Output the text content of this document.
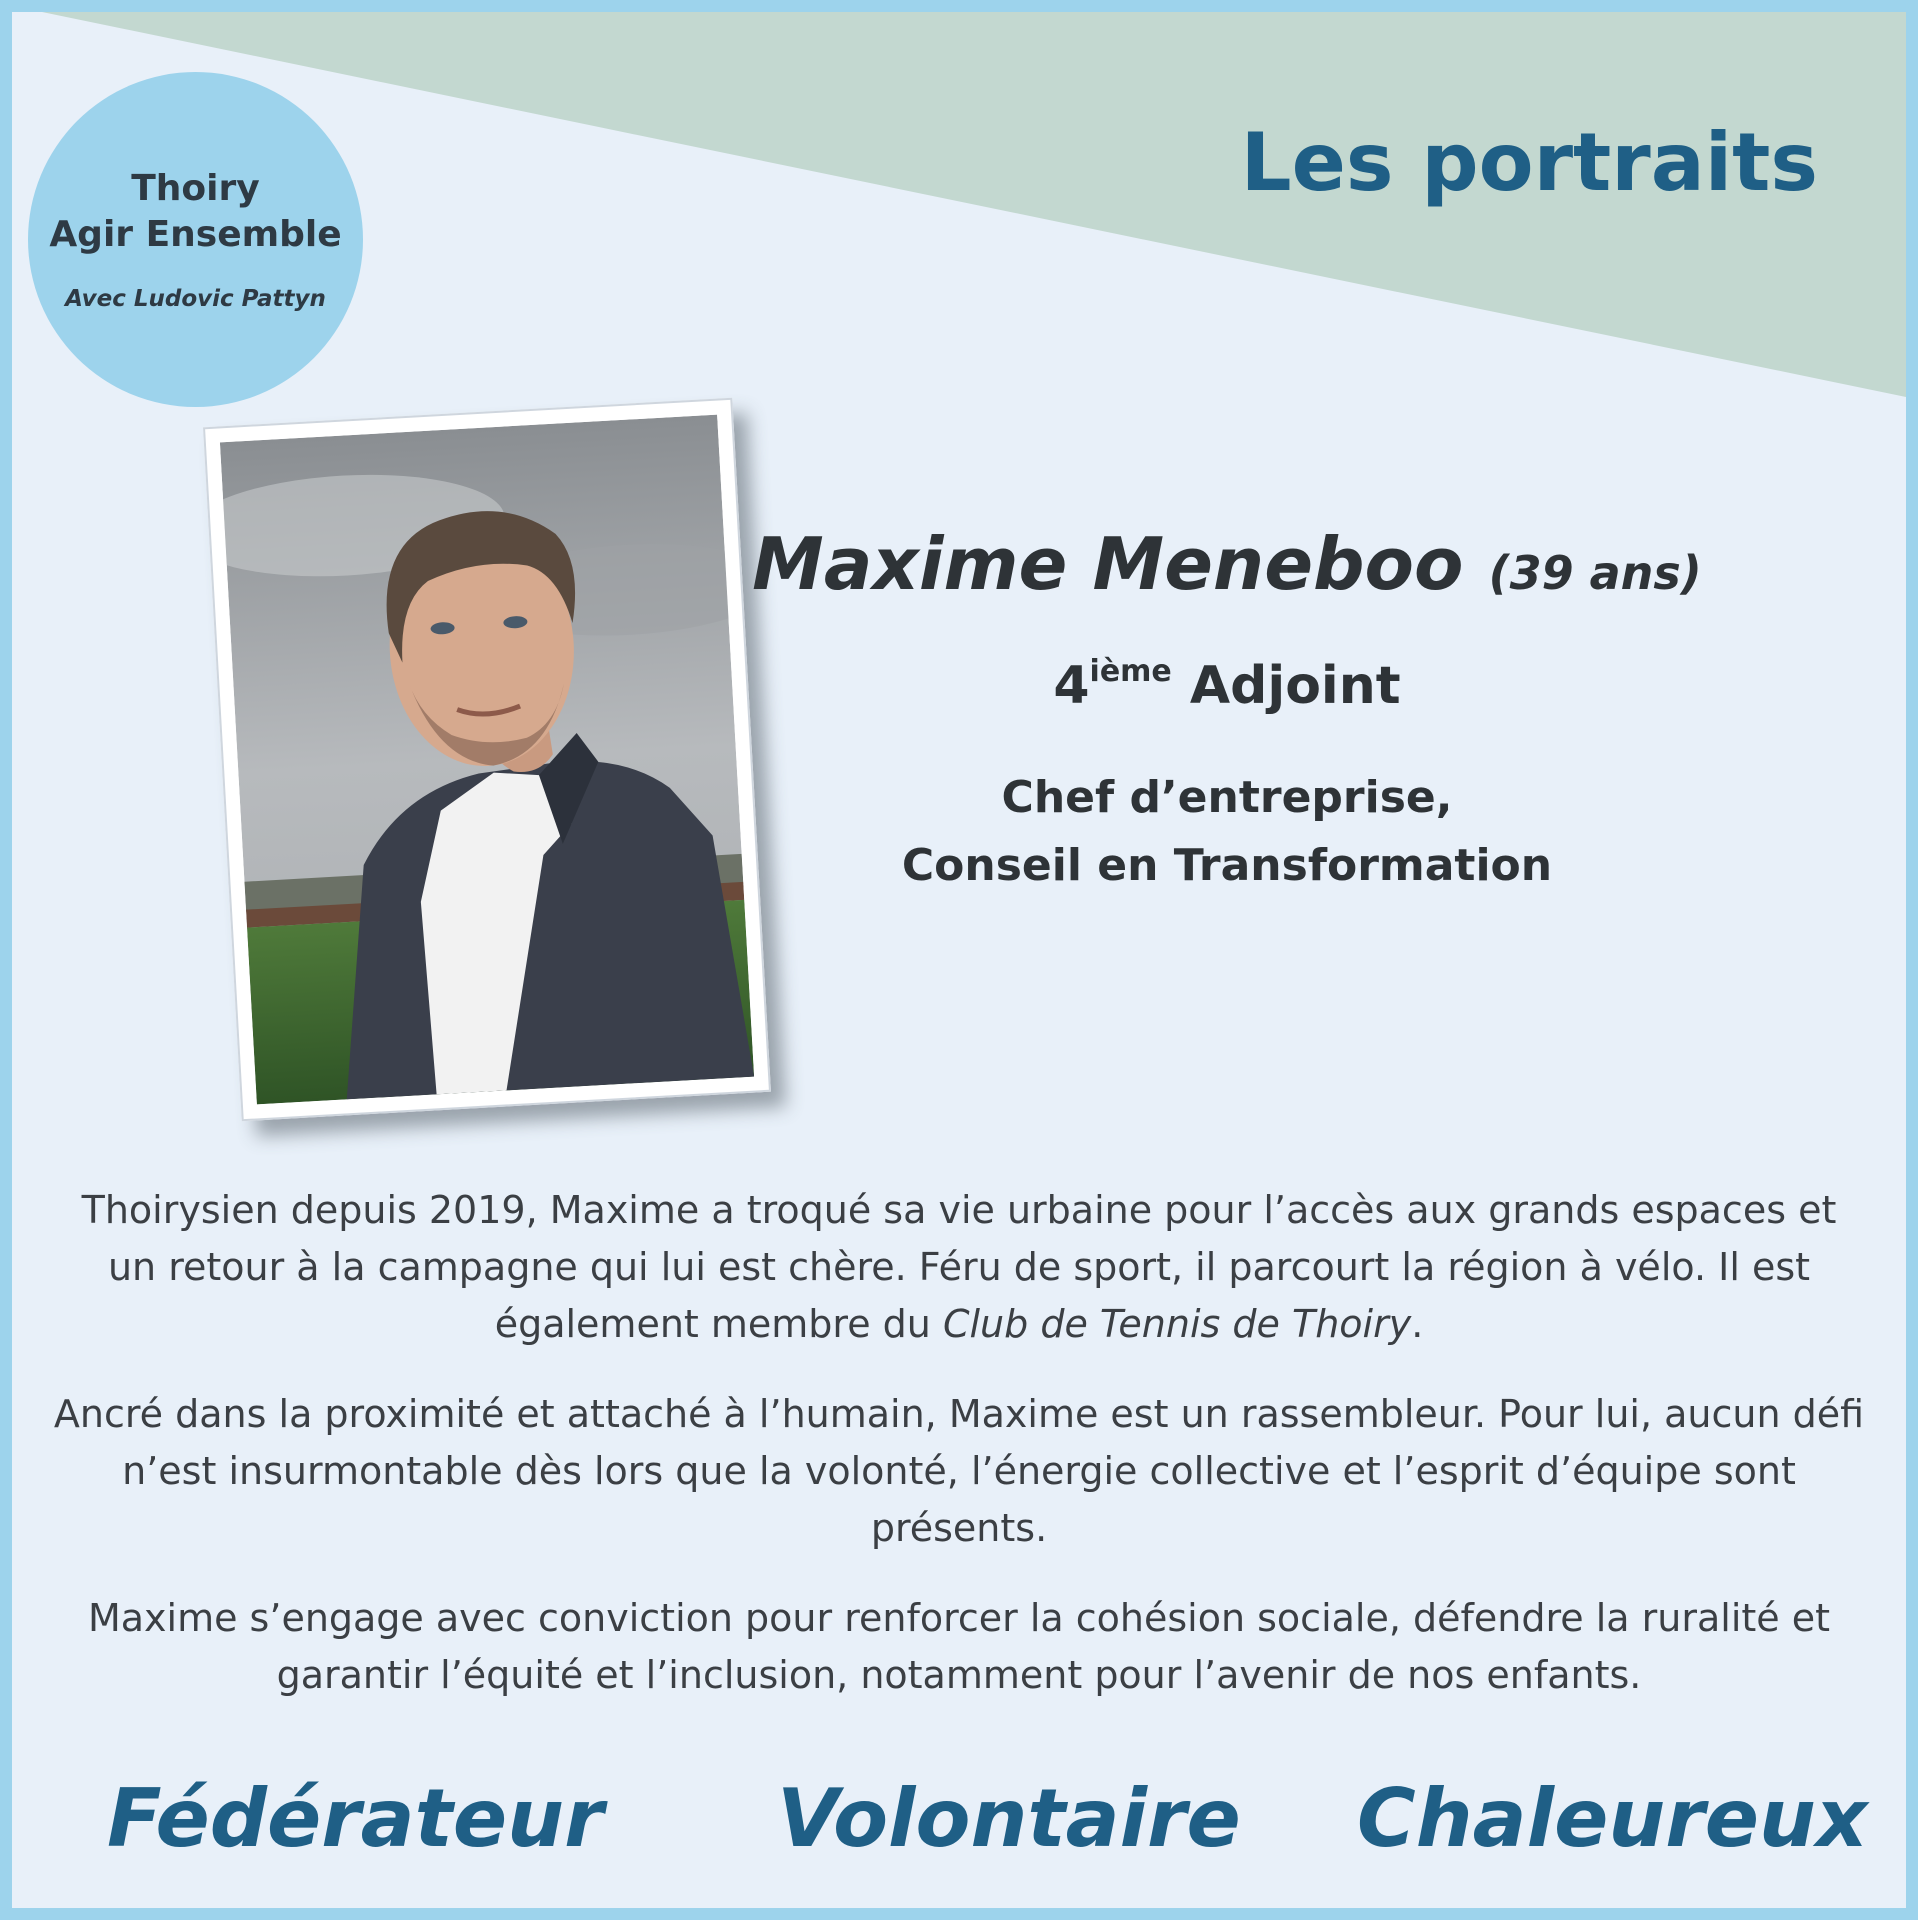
Thoiry
Agir Ensemble
Avec Ludovic Pattyn
Les portraits
Maxime Meneboo (39 ans)
4ième Adjoint
Chef d’entreprise,
Conseil en Transformation
Thoirysien depuis 2019, Maxime a troqué sa vie urbaine pour l’accès aux grands espaces et un retour à la campagne qui lui est chère. Féru de sport, il parcourt la région à vélo. Il est également membre du Club de Tennis de Thoiry.
Ancré dans la proximité et attaché à l’humain, Maxime est un rassembleur. Pour lui, aucun défi n’est insurmontable dès lors que la volonté, l’énergie collective et l’esprit d’équipe sont présents.
Maxime s’engage avec conviction pour renforcer la cohésion sociale, défendre la ruralité et garantir l’équité et l’inclusion, notamment pour l’avenir de nos enfants.
Fédérateur Volontaire Chaleureux
